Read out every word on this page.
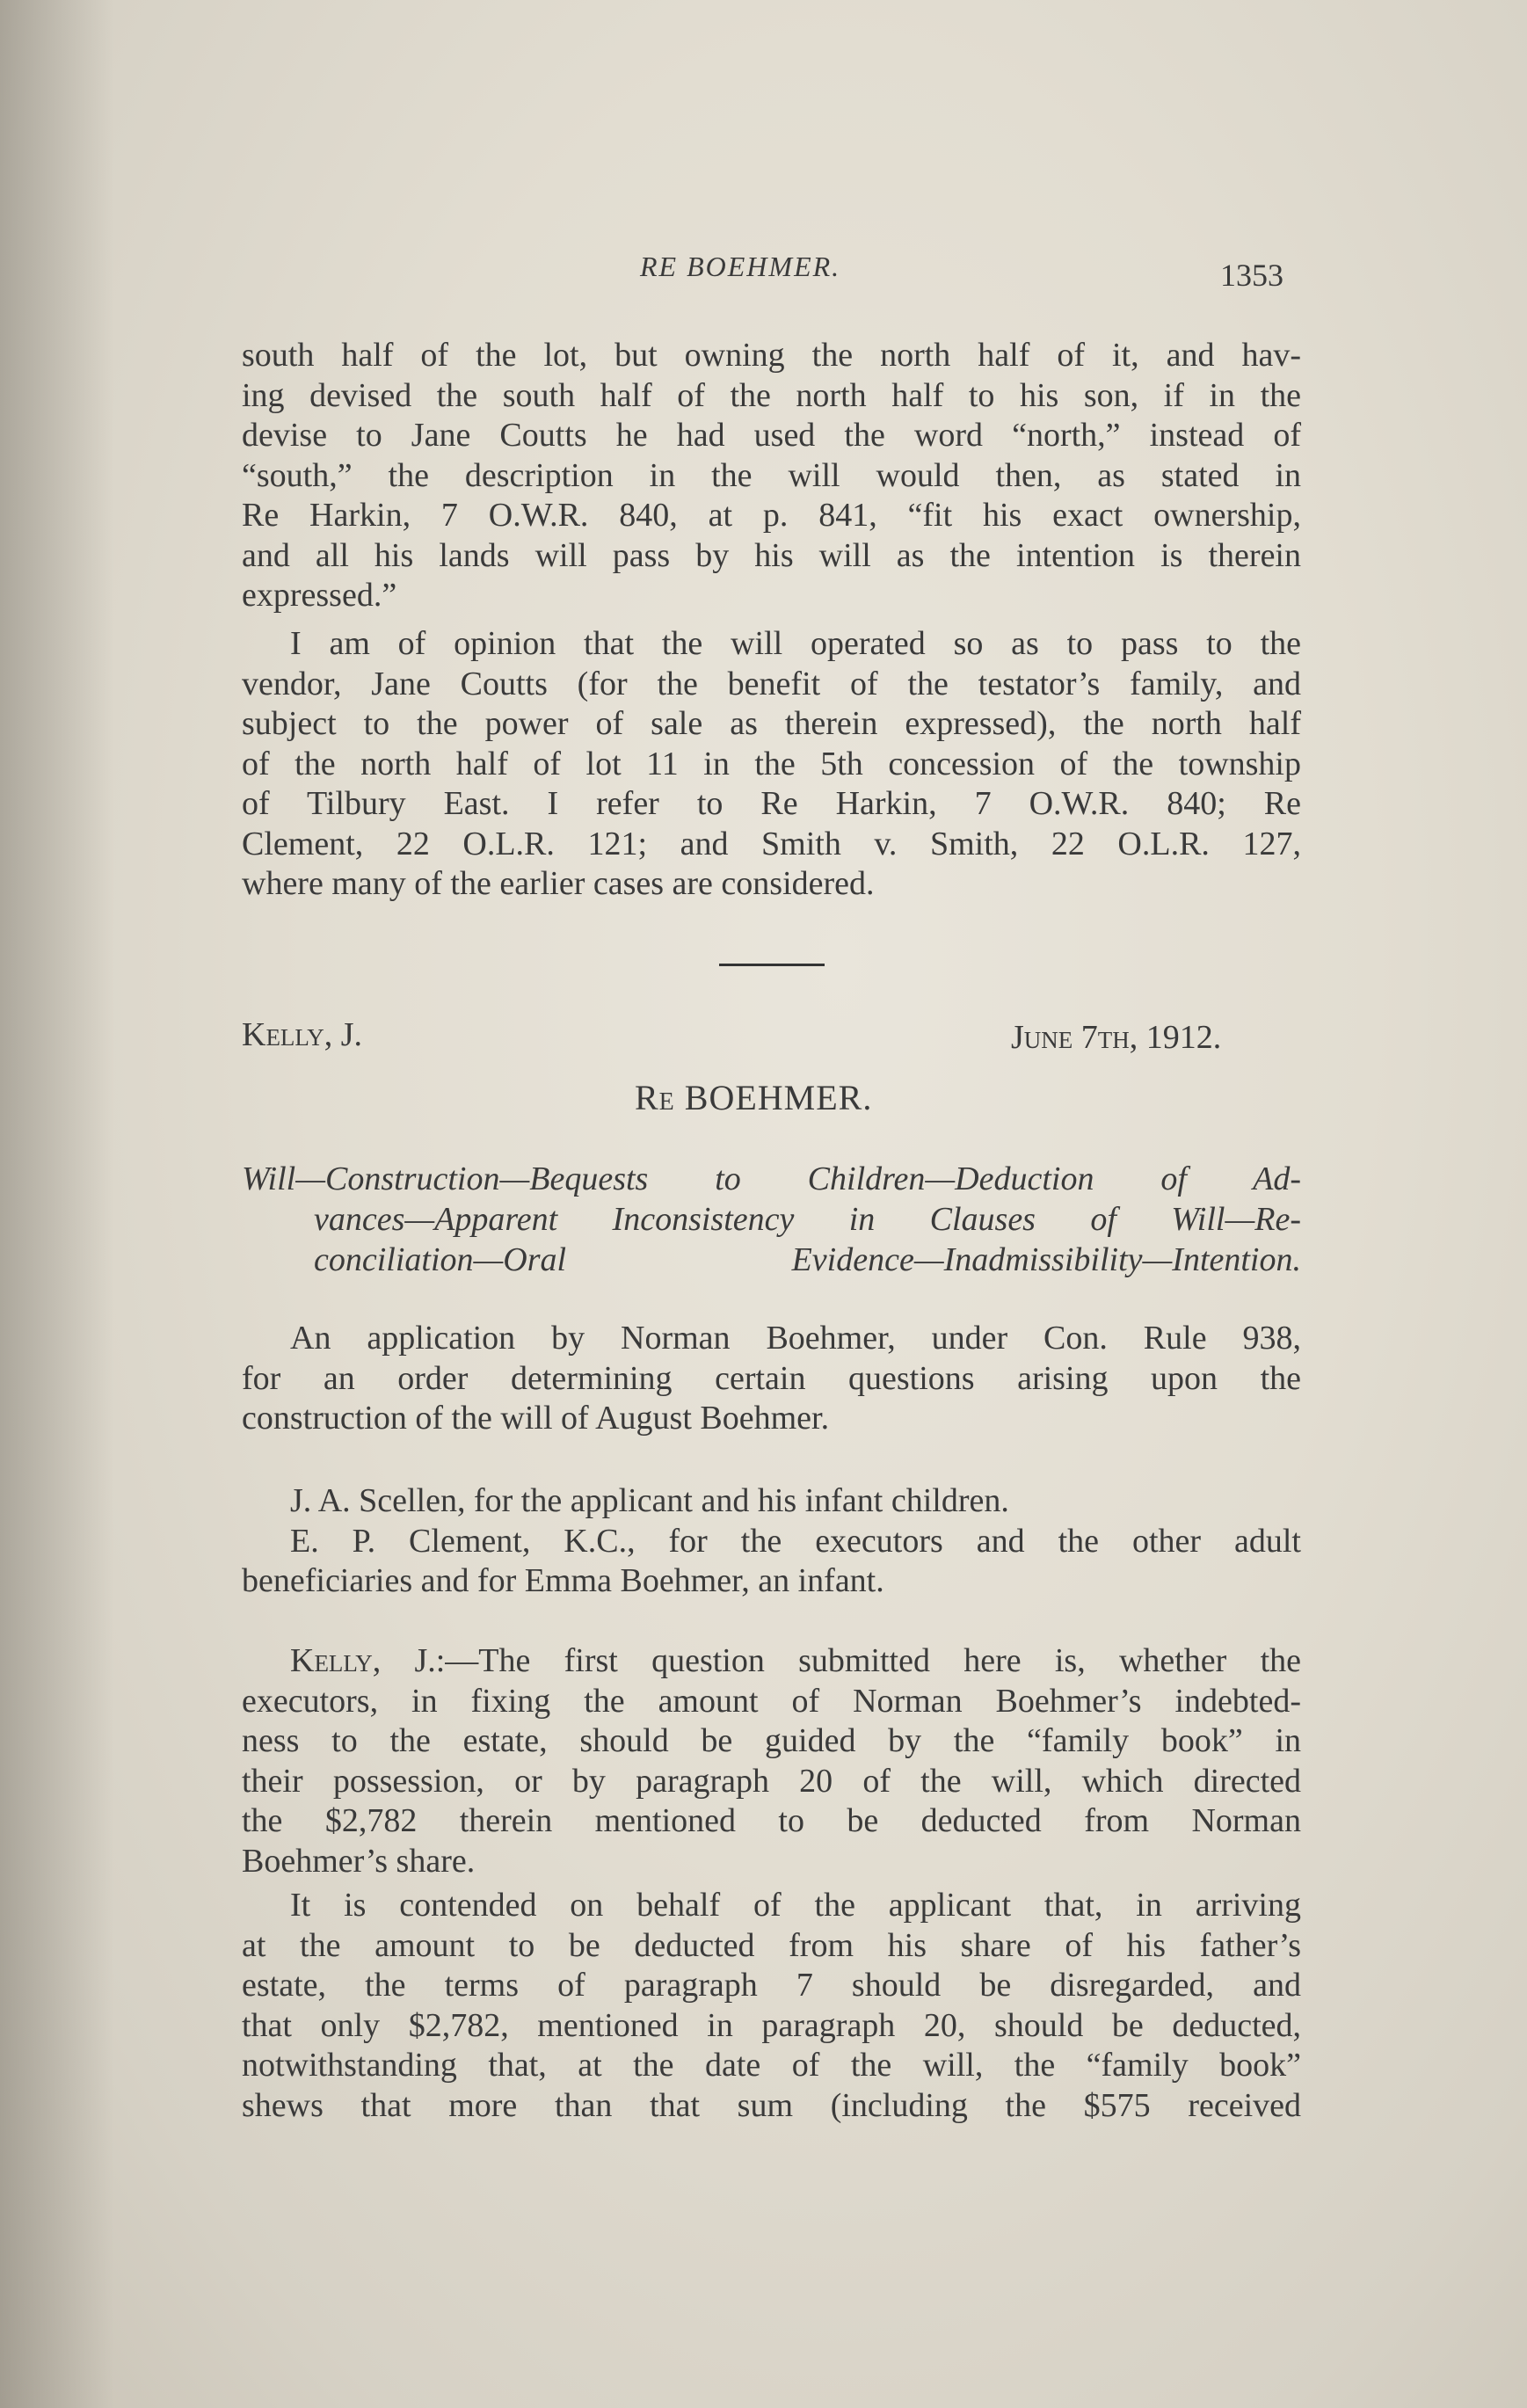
RE BOEHMER.	1353
south half of the lot, but owning the north half of it, and hav-
ing devised the south half of the north half to his son, if in the
devise to Jane Coutts he had used the word “north,” instead of
“south,” the description in the will would then, as stated in
Re Harkin, 7 O.W.R. 840, at p. 841, “fit his exact ownership,
and all his lands will pass by his will as the intention is therein
expressed.”
I am of opinion that the will operated so as to pass to the
vendor, Jane Coutts (for the benefit of the testator’s family, and
subject to the power of sale as therein expressed), the north half
of the north half of lot 11 in the 5th concession of the township
of Tilbury East. I refer to Re Harkin, 7 O.W.R. 840; Re
Clement, 22 O.L.R. 121; and Smith v. Smith, 22 O.L.R. 127,
where many of the earlier cases are considered.
Kelly, J.	June 7th, 1912.
Re BOEHMER.
Will—Construction—Bequests to Children—Deduction of Ad-
vances—Apparent Inconsistency in Clauses of Will—Re-
conciliation—Oral Evidence—Inadmissibility—Intention.
An application by Norman Boehmer, under Con. Rule 938,
for an order determining certain questions arising upon the
construction of the will of August Boehmer.
J. A. Scellen, for the applicant and his infant children.
E. P. Clement, K.C., for the executors and the other adult
beneficiaries and for Emma Boehmer, an infant.
Kelly, J.:—The first question submitted here is, whether the
executors, in fixing the amount of Norman Boehmer’s indebted-
ness to the estate, should be guided by the “family book” in
their possession, or by paragraph 20 of the will, which directed
the $2,782 therein mentioned to be deducted from Norman
Boehmer’s share.
It is contended on behalf of the applicant that, in arriving
at the amount to be deducted from his share of his father’s
estate, the terms of paragraph 7 should be disregarded, and
that only $2,782, mentioned in paragraph 20, should be deducted,
notwithstanding that, at the date of the will, the “family book”
shews that more than that sum (including the $575 received
